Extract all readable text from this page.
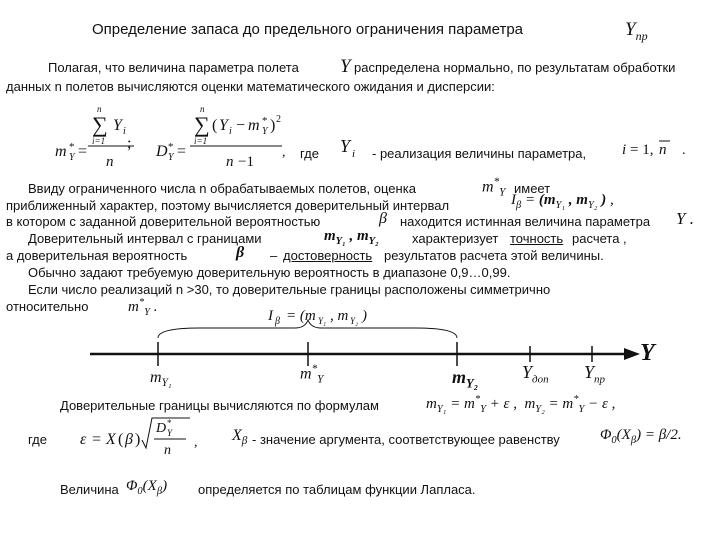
Определение запаса до предельного ограничения параметра	$Y_{пр}$
Полагая, что величина параметра полета Y распределена нормально, по результатам обработки
данных n полетов вычисляются оценки математического ожидания и дисперсии:
n
∑ Y i
i=1
m *
Y =
n
; D *
Y =
n
∑ ( Y i − m *
Y ) 2
i=1
n −1
,	Y i	i = 1, n .
где	- реализация величины параметра,
Ввиду ограниченного числа n обрабатываемых полетов, оценка	$m^*_Y$ имеет
приближенный характер, поэтому вычисляется доверительный интервал	$I_\beta = (m_{Y_1}$ , $m_{Y_2}$ ) ,
в котором с заданной доверительной вероятностью	β находится истинная величина параметра Y .
Доверительный интервал с границами	$m_{Y_1}$ , $m_{Y_2}$	характеризует точность расчета ,
а доверительная вероятность	β – достоверность результатов расчета этой величины.
Обычно задают требуемую доверительную вероятность в диапазоне 0,9…0,99.
Если число реализаций n >30, то доверительные границы расположены симметрично
относительно	$m^*_Y$ .
I β = (m Y₁ , m Y₂ )
Y
$m_{Y_1}$
$m^*_Y$	$m_{Y_2}$
$Y_{доп}$ $Y_{пр}$
Доверительные границы вычисляются по формулам	$m_{Y_1} = m^*_Y + \varepsilon$ ,  $m_{Y_2} = m^*_Y - \varepsilon$ ,
где ε = X ( β )
D *
Y
n
, $X_\beta$ - значение аргумента, соответствующее равенству	$\Phi_0(X_\beta) = \beta/2$.
Величина $\Phi_0(X_\beta)$ определяется по таблицам функции Лапласа.
